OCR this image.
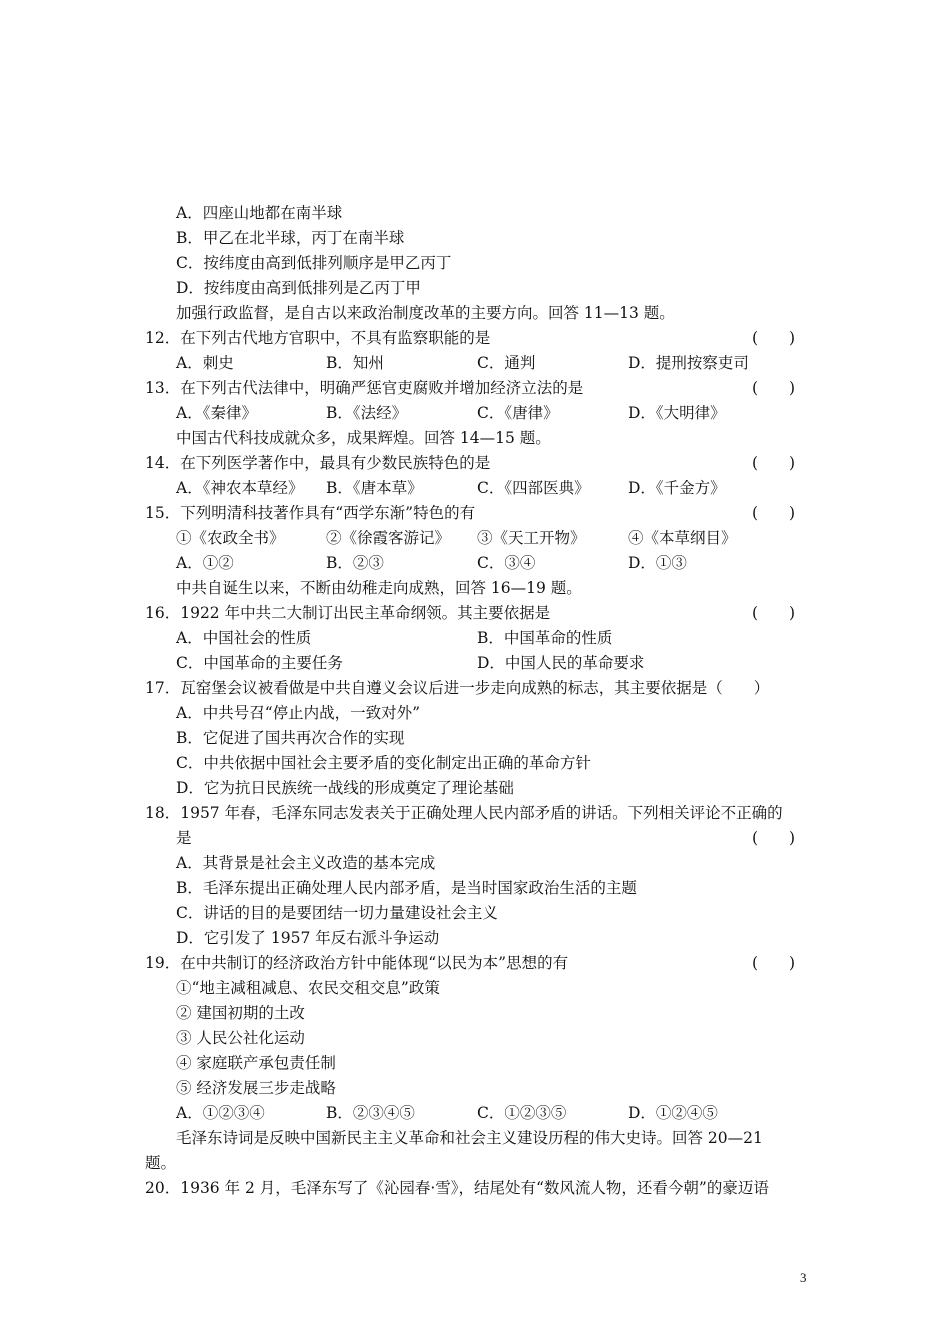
A．四座山地都在南半球
B．甲乙在北半球，丙丁在南半球
C．按纬度由高到低排列顺序是甲乙丙丁
D．按纬度由高到低排列是乙丙丁甲
加强行政监督，是自古以来政治制度改革的主要方向。回答 11—13 题。
12．在下列古代地方官职中，不具有监察职能的是	(　　)
A．刺史	B．知州	C．通判	D．提刑按察吏司
13．在下列古代法律中，明确严惩官吏腐败并增加经济立法的是	(　　)
A．《秦律》	B．《法经》	C．《唐律》	D．《大明律》
中国古代科技成就众多，成果辉煌。回答 14—15 题。
14．在下列医学著作中，最具有少数民族特色的是	(　　)
A．《神农本草经》 B．《唐本草》	C．《四部医典》 D．《千金方》
15．下列明清科技著作具有“西学东渐”特色的有	(　　)
①《农政全书》	②《徐霞客游记》 ③《天工开物》	④《本草纲目》
A．①②	B．②③	C．③④	D．①③
中共自诞生以来，不断由幼稚走向成熟，回答 16—19 题。
16．1922 年中共二大制订出民主革命纲领。其主要依据是	(　　)
A．中国社会的性质	B．中国革命的性质
C．中国革命的主要任务	D．中国人民的革命要求
17．瓦窑堡会议被看做是中共自遵义会议后进一步走向成熟的标志，其主要依据是（　　）
A．中共号召“停止内战，一致对外”
B．它促进了国共再次合作的实现
C．中共依据中国社会主要矛盾的变化制定出正确的革命方针
D．它为抗日民族统一战线的形成奠定了理论基础
18．1957 年春，毛泽东同志发表关于正确处理人民内部矛盾的讲话。下列相关评论不正确的
是	(　　)
A．其背景是社会主义改造的基本完成
B．毛泽东提出正确处理人民内部矛盾，是当时国家政治生活的主题
C．讲话的目的是要团结一切力量建设社会主义
D．它引发了 1957 年反右派斗争运动
19．在中共制订的经济政治方针中能体现“以民为本”思想的有	(　　)
①“地主减租减息、农民交租交息”政策
② 建国初期的土改
③ 人民公社化运动
④ 家庭联产承包责任制
⑤ 经济发展三步走战略
A．①②③④	B．②③④⑤	C．①②③⑤	D．①②④⑤
毛泽东诗词是反映中国新民主主义革命和社会主义建设历程的伟大史诗。回答 20—21
题。
20．1936 年 2 月，毛泽东写了《沁园春·雪》，结尾处有“数风流人物，还看今朝”的豪迈语
3
